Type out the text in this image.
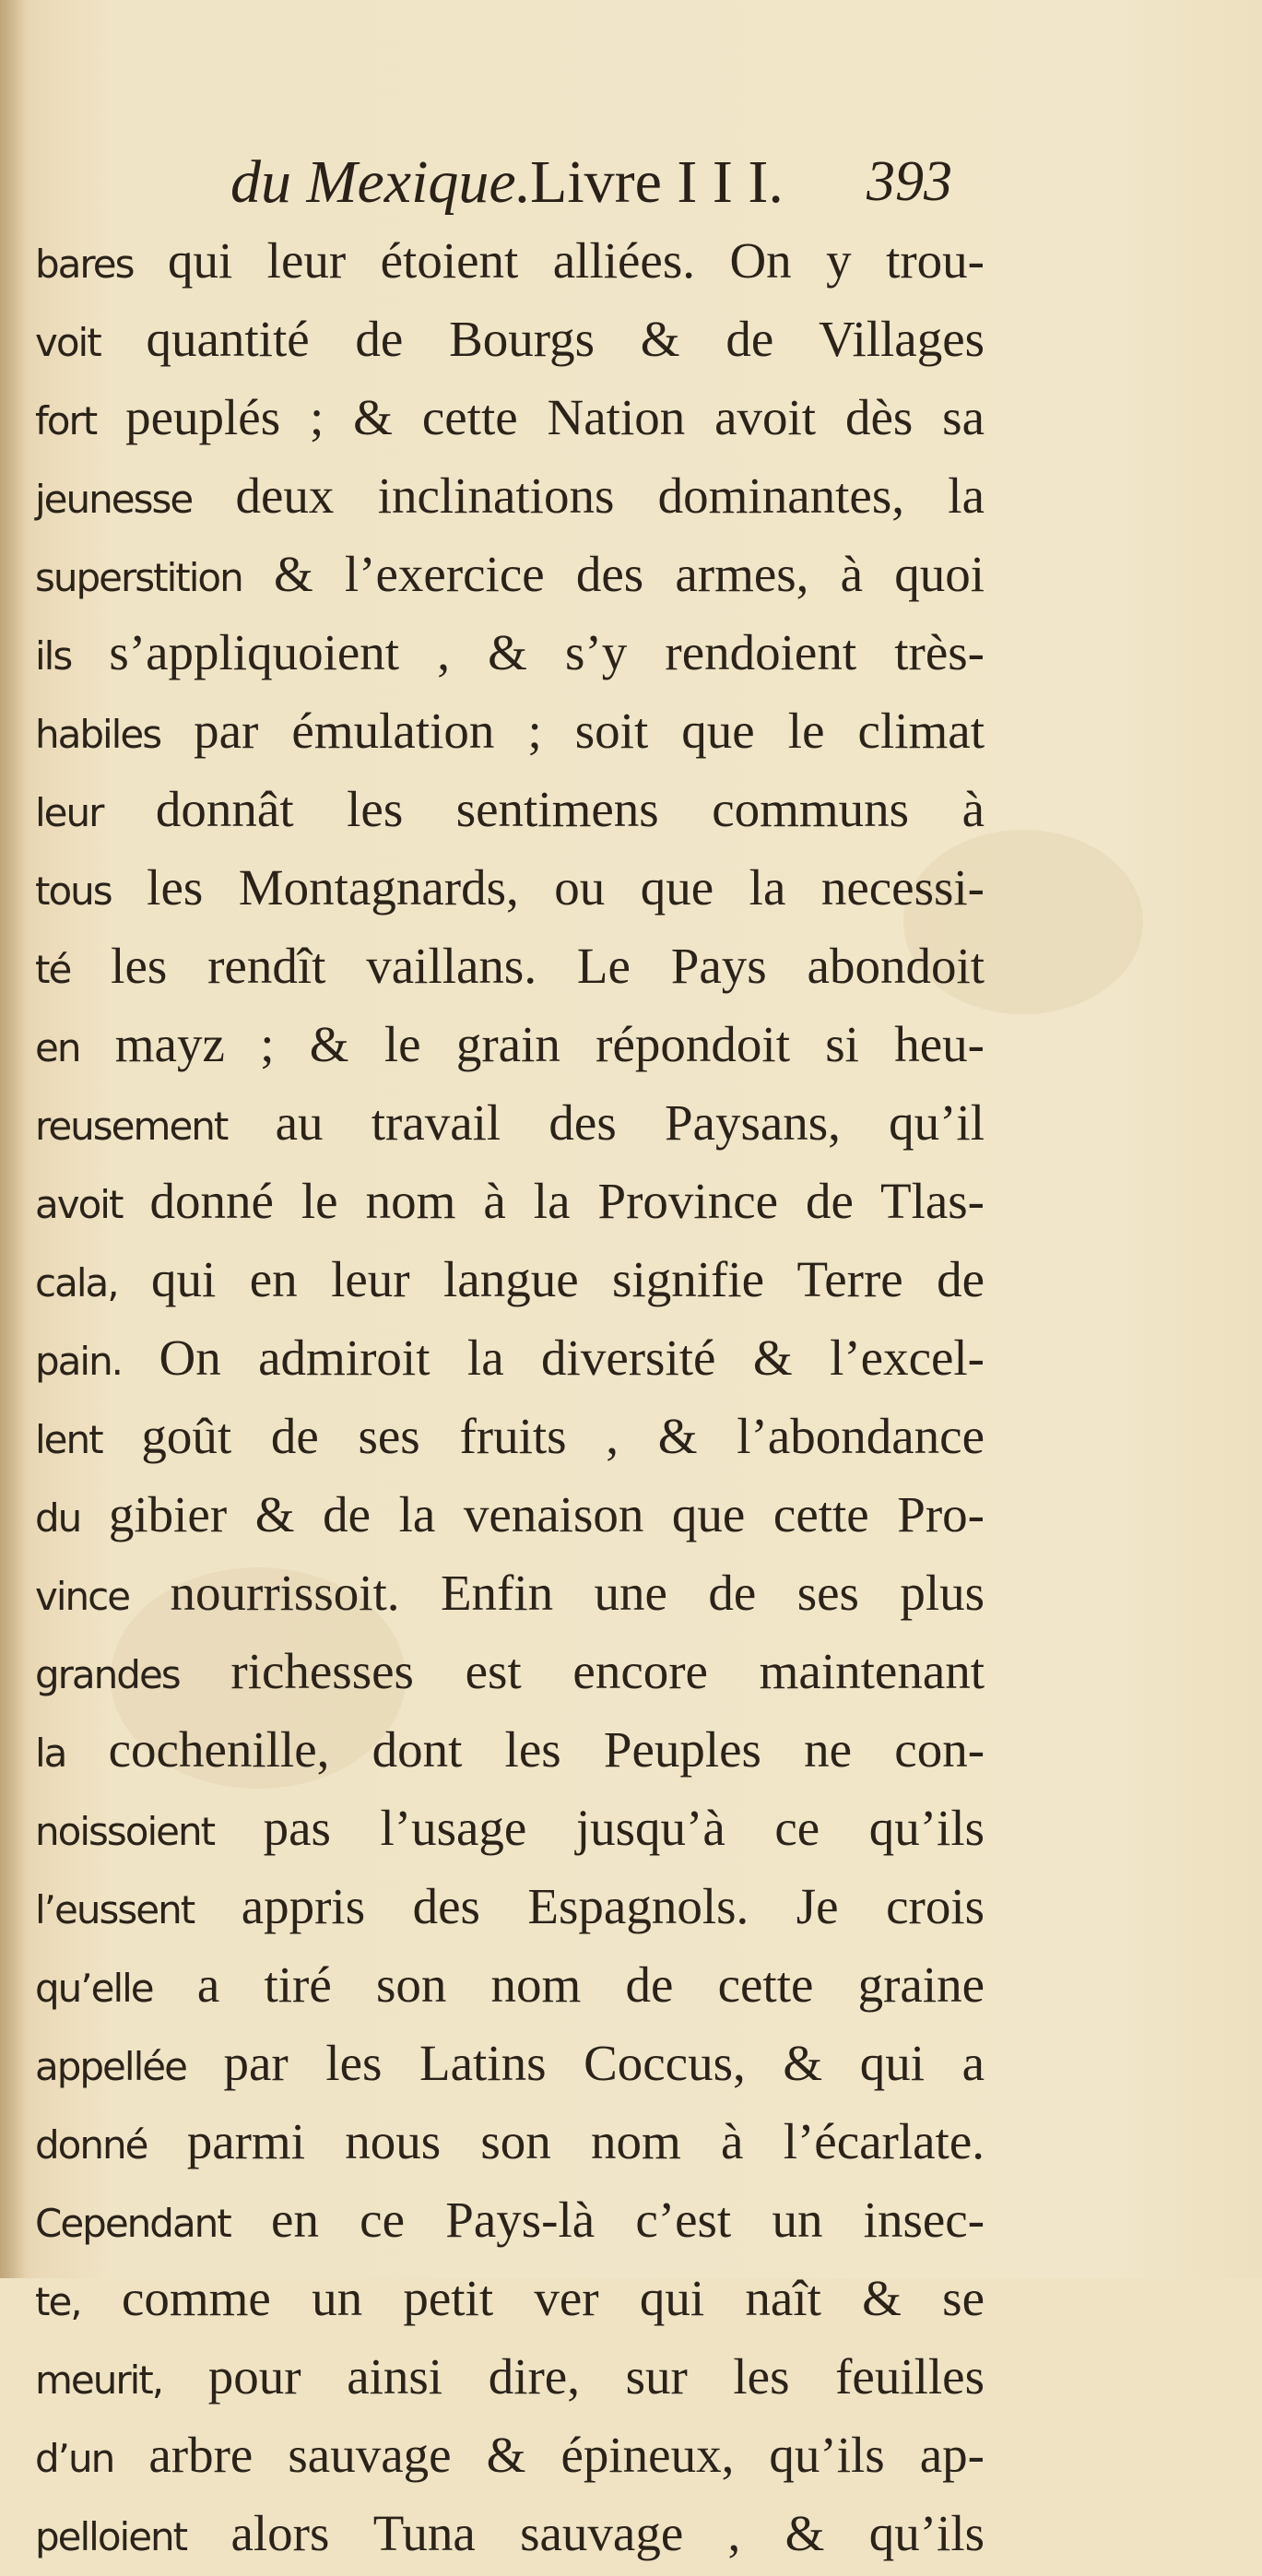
du Mexique.
Livre I I I. 393
bares qui leur étoient alliées. On y trou-
voit quantité de Bourgs & de Villages
fort peuplés ; & cette Nation avoit dès sa
jeunesse deux inclinations dominantes, la
superstition & l’exercice des armes, à quoi
ils s’appliquoient , & s’y rendoient très-
habiles par émulation ; soit que le climat
leur donnât les sentimens communs à
tous les Montagnards, ou que la necessi-
té les rendît vaillans. Le Pays abondoit
en mayz ; & le grain répondoit si heu-
reusement au travail des Paysans, qu’il
avoit donné le nom à la Province de Tlas-
cala, qui en leur langue signifie Terre de
pain. On admiroit la diversité & l’excel-
lent goût de ses fruits , & l’abondance
du gibier & de la venaison que cette Pro-
vince nourrissoit. Enfin une de ses plus
grandes richesses est encore maintenant
la cochenille, dont les Peuples ne con-
noissoient pas l’usage jusqu’à ce qu’ils
l’eussent appris des Espagnols. Je crois
qu’elle a tiré son nom de cette graine
appellée par les Latins Coccus, & qui a
donné parmi nous son nom à l’écarlate.
Cependant en ce Pays-là c’est un insec-
te, comme un petit ver qui naît & se
meurit, pour ainsi dire, sur les feuilles
d’un arbre sauvage & épineux, qu’ils ap-
pelloient alors Tuna sauvage , & qu’ils
